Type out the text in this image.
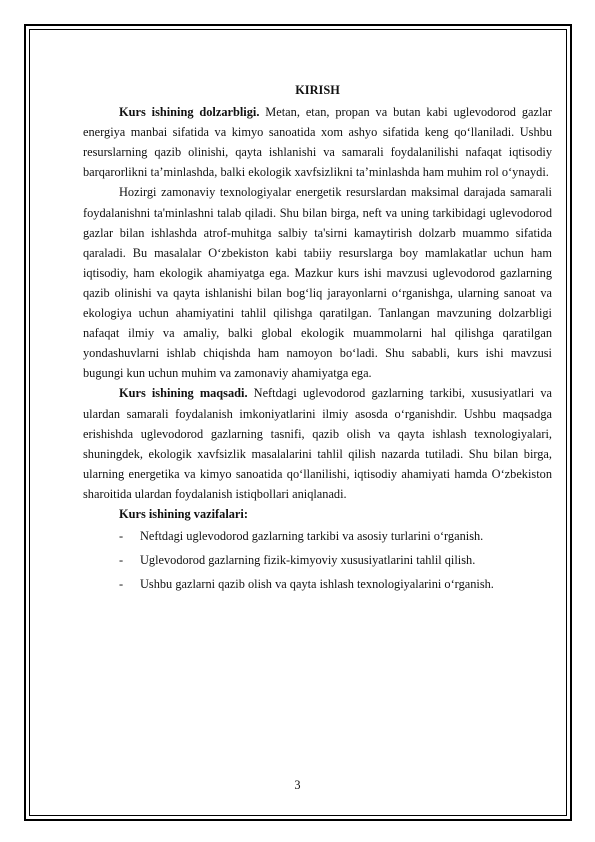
KIRISH

Kurs ishining dolzarbligi. Metan, etan, propan va butan kabi uglevodorod gazlar energiya manbai sifatida va kimyo sanoatida xom ashyo sifatida keng qo‘llaniladi. Ushbu resurslarning qazib olinishi, qayta ishlanishi va samarali foydalanilishi nafaqat iqtisodiy barqarorlikni ta’minlashda, balki ekologik xavfsizlikni ta’minlashda ham muhim rol o‘ynaydi.

Hozirgi zamonaviy texnologiyalar energetik resurslardan maksimal darajada samarali foydalanishni ta'minlashni talab qiladi. Shu bilan birga, neft va uning tarkibidagi uglevodorod gazlar bilan ishlashda atrof-muhitga salbiy ta'sirni kamaytirish dolzarb muammo sifatida qaraladi. Bu masalalar O‘zbekiston kabi tabiiy resurslarga boy mamlakatlar uchun ham iqtisodiy, ham ekologik ahamiyatga ega. Mazkur kurs ishi mavzusi uglevodorod gazlarning qazib olinishi va qayta ishlanishi bilan bog‘liq jarayonlarni o‘rganishga, ularning sanoat va ekologiya uchun ahamiyatini tahlil qilishga qaratilgan. Tanlangan mavzuning dolzarbligi nafaqat ilmiy va amaliy, balki global ekologik muammolarni hal qilishga qaratilgan yondashuvlarni ishlab chiqishda ham namoyon bo‘ladi. Shu sababli, kurs ishi mavzusi bugungi kun uchun muhim va zamonaviy ahamiyatga ega.

Kurs ishining maqsadi. Neftdagi uglevodorod gazlarning tarkibi, xususiyatlari va ulardan samarali foydalanish imkoniyatlarini ilmiy asosda o‘rganishdir. Ushbu maqsadga erishishda uglevodorod gazlarning tasnifi, qazib olish va qayta ishlash texnologiyalari, shuningdek, ekologik xavfsizlik masalalarini tahlil qilish nazarda tutiladi. Shu bilan birga, ularning energetika va kimyo sanoatida qo‘llanilishi, iqtisodiy ahamiyati hamda O‘zbekiston sharoitida ulardan foydalanish istiqbollari aniqlanadi.

Kurs ishining vazifalari:
- Neftdagi uglevodorod gazlarning tarkibi va asosiy turlarini o‘rganish.
- Uglevodorod gazlarning fizik-kimyoviy xususiyatlarini tahlil qilish.
- Ushbu gazlarni qazib olish va qayta ishlash texnologiyalarini o‘rganish.
3
